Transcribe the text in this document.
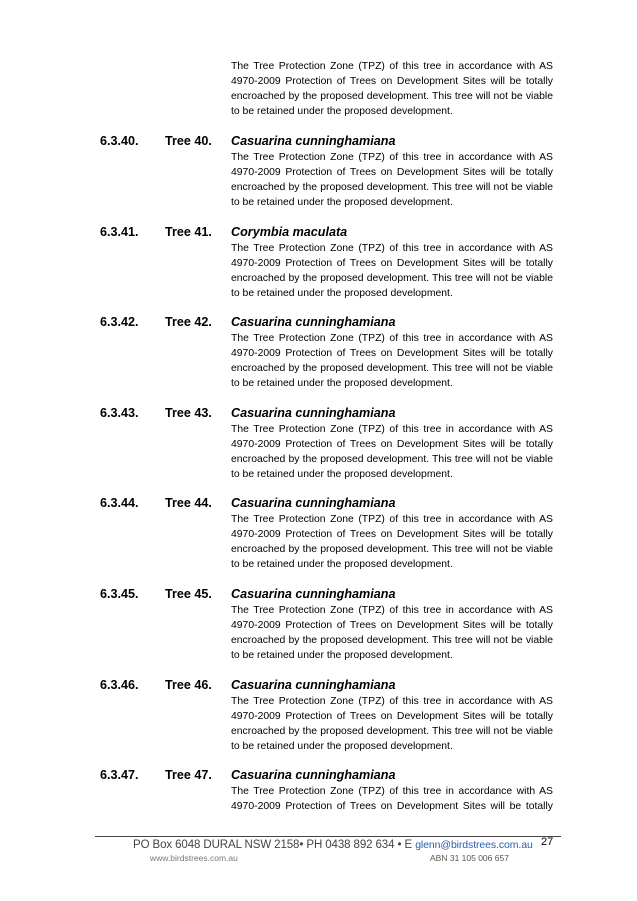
The Tree Protection Zone (TPZ) of this tree in accordance with AS
4970-2009 Protection of Trees on Development Sites will be totally
encroached by the proposed development. This tree will not be viable
to be retained under the proposed development.
6.3.40. Tree 40. Casuarina cunninghamiana
The Tree Protection Zone (TPZ) of this tree in accordance with AS
4970-2009 Protection of Trees on Development Sites will be totally
encroached by the proposed development. This tree will not be viable
to be retained under the proposed development.
6.3.41. Tree 41. Corymbia maculata
The Tree Protection Zone (TPZ) of this tree in accordance with AS
4970-2009 Protection of Trees on Development Sites will be totally
encroached by the proposed development. This tree will not be viable
to be retained under the proposed development.
6.3.42. Tree 42. Casuarina cunninghamiana
The Tree Protection Zone (TPZ) of this tree in accordance with AS
4970-2009 Protection of Trees on Development Sites will be totally
encroached by the proposed development. This tree will not be viable
to be retained under the proposed development.
6.3.43. Tree 43. Casuarina cunninghamiana
The Tree Protection Zone (TPZ) of this tree in accordance with AS
4970-2009 Protection of Trees on Development Sites will be totally
encroached by the proposed development. This tree will not be viable
to be retained under the proposed development.
6.3.44. Tree 44. Casuarina cunninghamiana
The Tree Protection Zone (TPZ) of this tree in accordance with AS
4970-2009 Protection of Trees on Development Sites will be totally
encroached by the proposed development. This tree will not be viable
to be retained under the proposed development.
6.3.45. Tree 45. Casuarina cunninghamiana
The Tree Protection Zone (TPZ) of this tree in accordance with AS
4970-2009 Protection of Trees on Development Sites will be totally
encroached by the proposed development. This tree will not be viable
to be retained under the proposed development.
6.3.46. Tree 46. Casuarina cunninghamiana
The Tree Protection Zone (TPZ) of this tree in accordance with AS
4970-2009 Protection of Trees on Development Sites will be totally
encroached by the proposed development. This tree will not be viable
to be retained under the proposed development.
6.3.47. Tree 47. Casuarina cunninghamiana
The Tree Protection Zone (TPZ) of this tree in accordance with AS
4970-2009 Protection of Trees on Development Sites will be totally
PO Box 6048 DURAL NSW 2158• PH 0438 892 634 • E glenn@birdstrees.com.au
www.birdstrees.com.au	ABN 31 105 006 657
27
